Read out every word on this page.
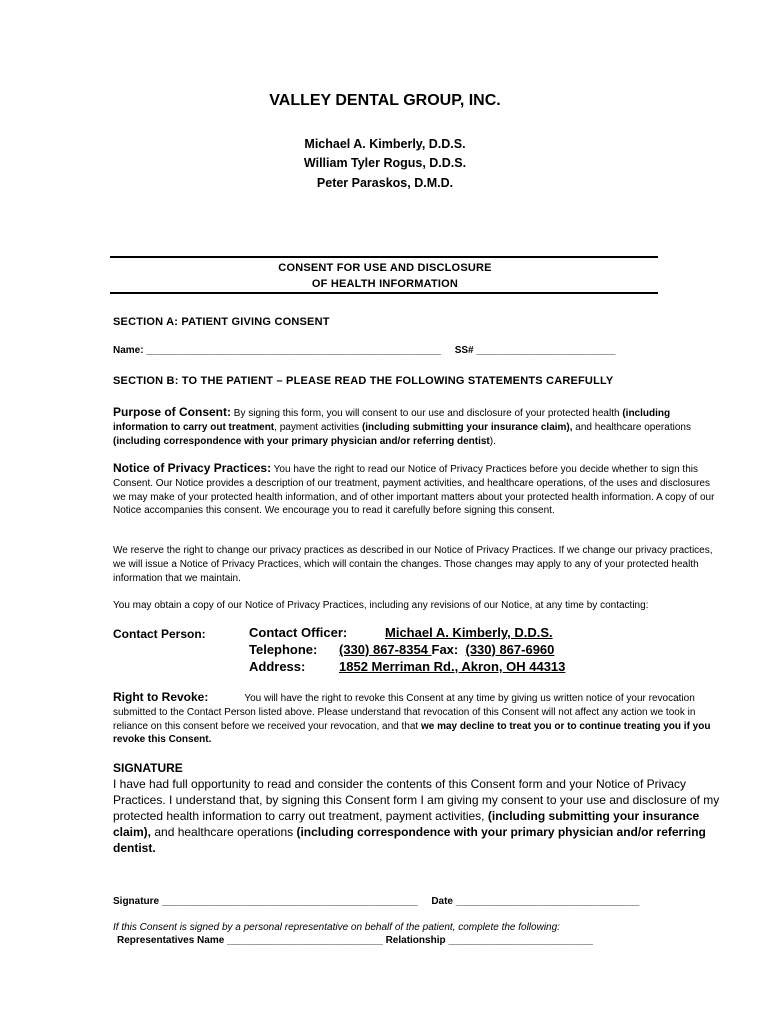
VALLEY DENTAL GROUP, INC.
Michael A. Kimberly, D.D.S.
William Tyler Rogus, D.D.S.
Peter Paraskos, D.M.D.
CONSENT FOR USE AND DISCLOSURE
OF HEALTH INFORMATION
SECTION A: PATIENT GIVING CONSENT
Name: _____________________________________________________ SS# _________________________
SECTION B: TO THE PATIENT – PLEASE READ THE FOLLOWING STATEMENTS CAREFULLY
Purpose of Consent: By signing this form, you will consent to our use and disclosure of your protected health (including information to carry out treatment, payment activities (including submitting your insurance claim), and healthcare operations (including correspondence with your primary physician and/or referring dentist).
Notice of Privacy Practices: You have the right to read our Notice of Privacy Practices before you decide whether to sign this Consent. Our Notice provides a description of our treatment, payment activities, and healthcare operations, of the uses and disclosures we may make of your protected health information, and of other important matters about your protected health information. A copy of our Notice accompanies this consent. We encourage you to read it carefully before signing this consent.
We reserve the right to change our privacy practices as described in our Notice of Privacy Practices. If we change our privacy practices, we will issue a Notice of Privacy Practices, which will contain the changes. Those changes may apply to any of your protected health information that we maintain.
You may obtain a copy of our Notice of Privacy Practices, including any revisions of our Notice, at any time by contacting:
Contact Person:	Contact Officer:	Michael A. Kimberly, D.D.S.
Telephone: (330) 867-8354 Fax: (330) 867-6960
Address:	1852 Merriman Rd., Akron, OH 44313
Right to Revoke:	You will have the right to revoke this Consent at any time by giving us written notice of your revocation submitted to the Contact Person listed above. Please understand that revocation of this Consent will not affect any action we took in reliance on this consent before we received your revocation, and that we may decline to treat you or to continue treating you if you revoke this Consent.
SIGNATURE
I have had full opportunity to read and consider the contents of this Consent form and your Notice of Privacy Practices. I understand that, by signing this Consent form I am giving my consent to your use and disclosure of my protected health information to carry out treatment, payment activities, (including submitting your insurance claim), and healthcare operations (including correspondence with your primary physician and/or referring dentist.
Signature ______________________________________________ Date _________________________________
If this Consent is signed by a personal representative on behalf of the patient, complete the following:
Representatives Name ____________________________ Relationship __________________________
